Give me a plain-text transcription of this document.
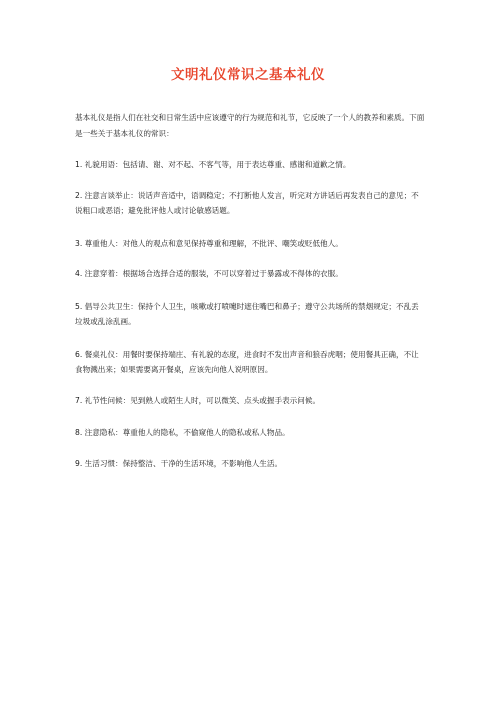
文明礼仪常识之基本礼仪

基本礼仪是指人们在社交和日常生活中应该遵守的行为规范和礼节，它反映了一个人的教养和素质。下面是一些关于基本礼仪的常识：

1. 礼貌用语：包括请、谢、对不起、不客气等，用于表达尊重、感谢和道歉之情。

2. 注意言谈举止：说话声音适中，语调稳定；不打断他人发言，听完对方讲话后再发表自己的意见；不说粗口或恶语；避免批评他人或讨论敏感话题。

3. 尊重他人：对他人的观点和意见保持尊重和理解，不批评、嘲笑或贬低他人。

4. 注意穿着：根据场合选择合适的服装，不可以穿着过于暴露或不得体的衣服。

5. 倡导公共卫生：保持个人卫生，咳嗽或打喷嚏时遮住嘴巴和鼻子；遵守公共场所的禁烟规定；不乱丢垃圾或乱涂乱画。

6. 餐桌礼仪：用餐时要保持端庄、有礼貌的态度，进食时不发出声音和狼吞虎咽；使用餐具正确，不让食物溅出来；如果需要离开餐桌，应该先向他人说明原因。

7. 礼节性问候：见到熟人或陌生人时，可以微笑、点头或握手表示问候。

8. 注意隐私：尊重他人的隐私，不偷窥他人的隐私或私人物品。

9. 生活习惯：保持整洁、干净的生活环境，不影响他人生活。
